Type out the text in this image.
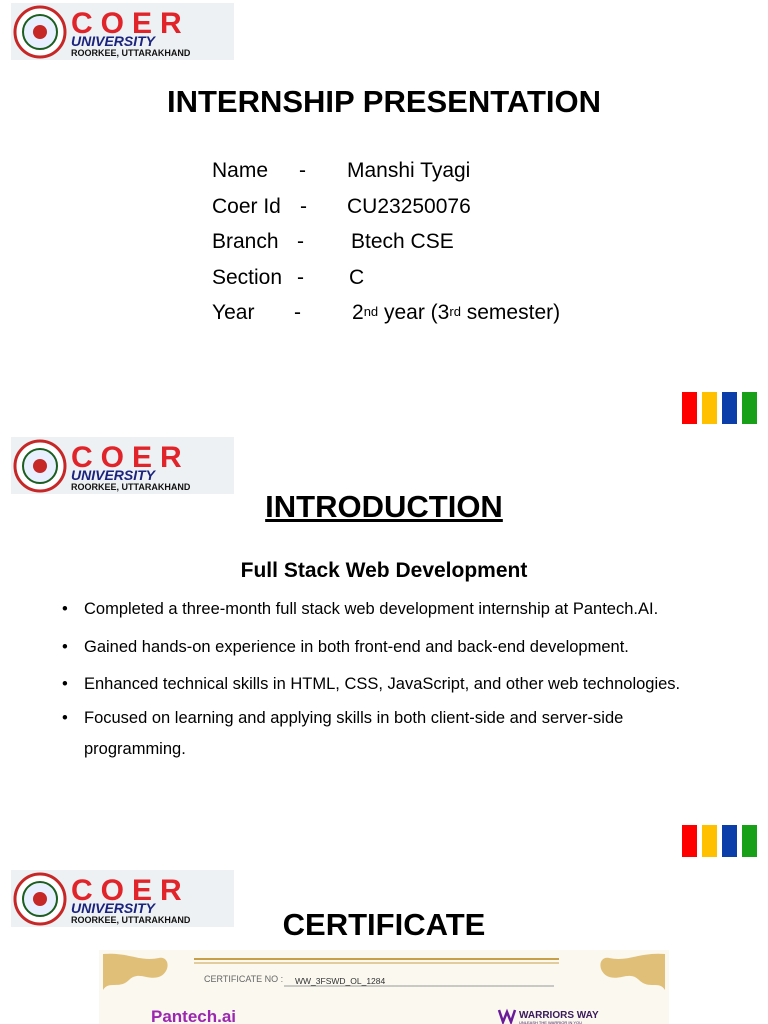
C O E R
UNIVERSITY
ROORKEE, UTTARAKHAND
INTERNSHIP PRESENTATION
Name - Manshi Tyagi
Coer Id - CU23250076
Branch - Btech CSE
Section - C
Year - 2nd year (3rd semester)
C O E R
UNIVERSITY
ROORKEE, UTTARAKHAND
INTRODUCTION
Full Stack Web Development
• Completed a three-month full stack web development internship at Pantech.AI.
• Gained hands-on experience in both front-end and back-end development.
• Enhanced technical skills in HTML, CSS, JavaScript, and other web technologies.
• Focused on learning and applying skills in both client-side and server-side programming.
C O E R
UNIVERSITY
ROORKEE, UTTARAKHAND	CERTIFICATE
CERTIFICATE NO : WW_3FSWD_OL_1284
Pantech.ai	WARRIORS WAY
UNLEASH THE WARRIOR IN YOU
